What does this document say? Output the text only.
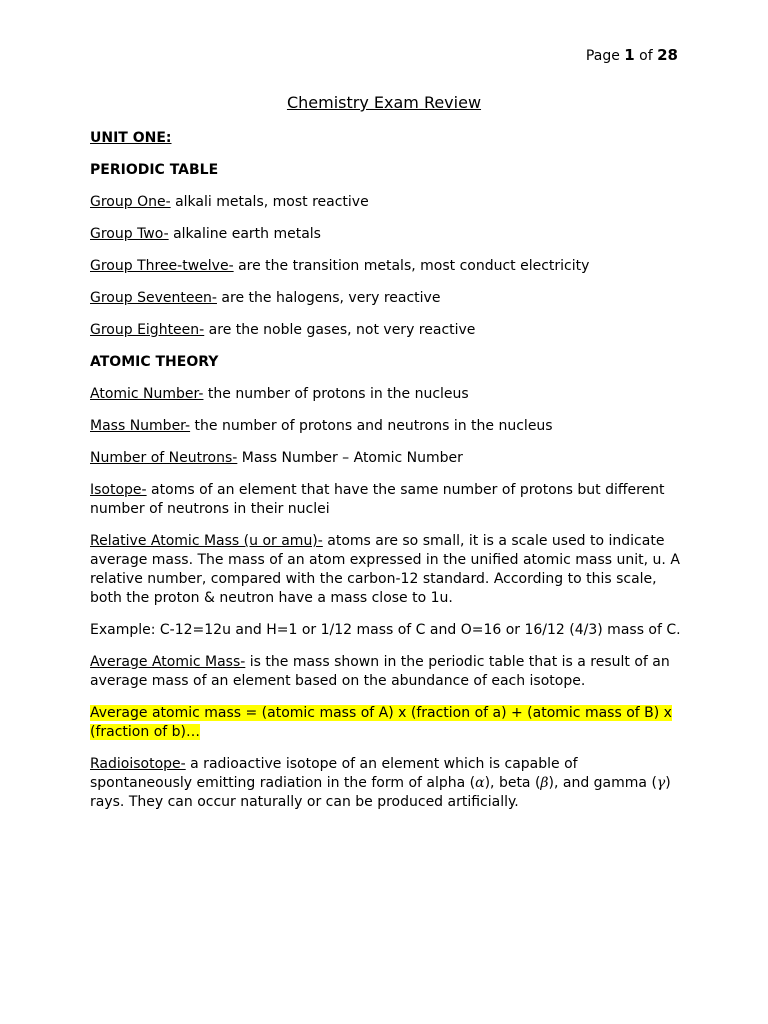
Page 1 of 28
Chemistry Exam Review

UNIT ONE:

PERIODIC TABLE

Group One- alkali metals, most reactive

Group Two- alkaline earth metals

Group Three-twelve- are the transition metals, most conduct electricity

Group Seventeen- are the halogens, very reactive

Group Eighteen- are the noble gases, not very reactive

ATOMIC THEORY

Atomic Number- the number of protons in the nucleus

Mass Number- the number of protons and neutrons in the nucleus

Number of Neutrons- Mass Number – Atomic Number

Isotope- atoms of an element that have the same number of protons but different number of neutrons in their nuclei

Relative Atomic Mass (u or amu)- atoms are so small, it is a scale used to indicate average mass. The mass of an atom expressed in the unified atomic mass unit, u. A relative number, compared with the carbon-12 standard. According to this scale, both the proton & neutron have a mass close to 1u.

Example: C-12=12u and H=1 or 1/12 mass of C and O=16 or 16/12 (4/3) mass of C.

Average Atomic Mass- is the mass shown in the periodic table that is a result of an average mass of an element based on the abundance of each isotope.

Average atomic mass = (atomic mass of A) x (fraction of a) + (atomic mass of B) x (fraction of b)…

Radioisotope- a radioactive isotope of an element which is capable of spontaneously emitting radiation in the form of alpha (α), beta (β), and gamma (γ) rays. They can occur naturally or can be produced artificially.
